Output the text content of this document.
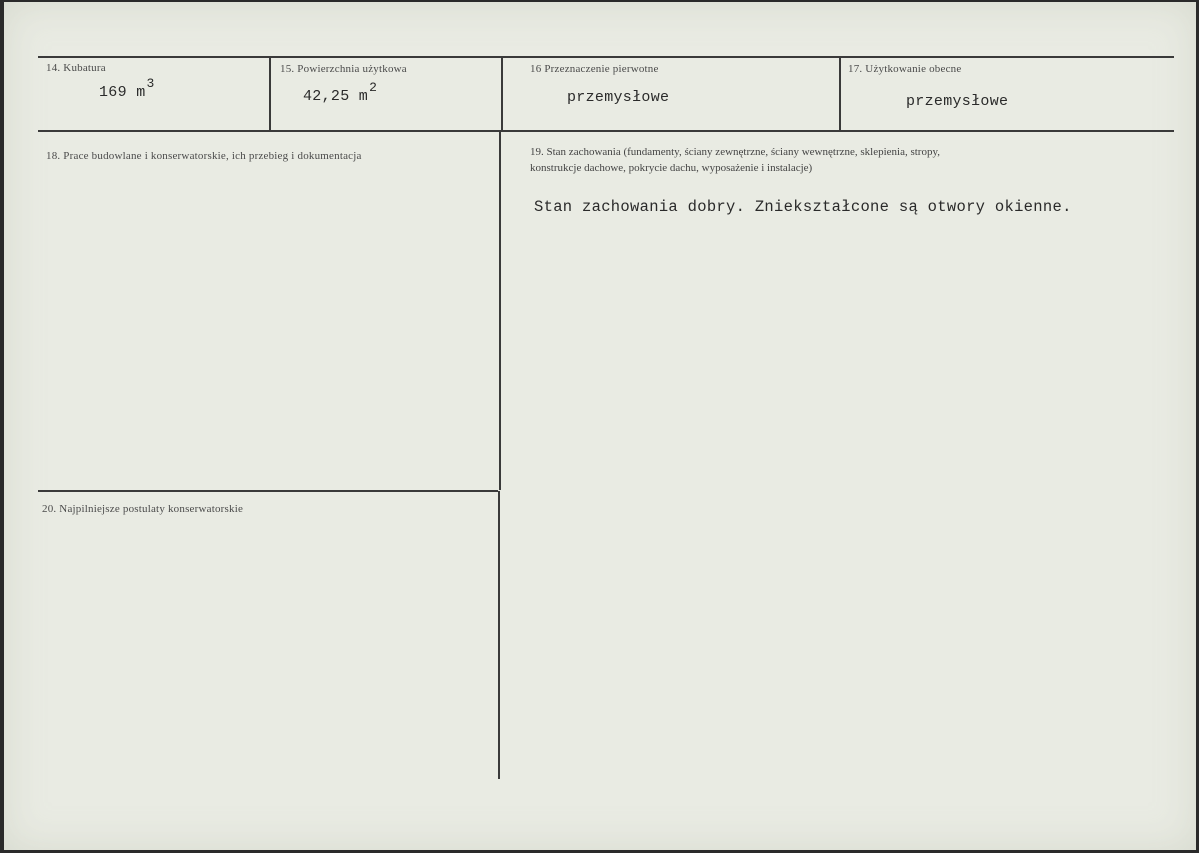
14. Kubatura
169 m3
15. Powierzchnia użytkowa
42,25 m2
16 Przeznaczenie pierwotne
przemysłowe
17. Użytkowanie obecne
przemysłowe
18. Prace budowlane i konserwatorskie, ich przebieg i dokumentacja	19. Stan zachowania (fundamenty, ściany zewnętrzne, ściany wewnętrzne, sklepienia, stropy,
konstrukcje dachowe, pokrycie dachu, wyposażenie i instalacje)
Stan zachowania dobry. Zniekształcone są otwory okienne.
20. Najpilniejsze postulaty konserwatorskie
